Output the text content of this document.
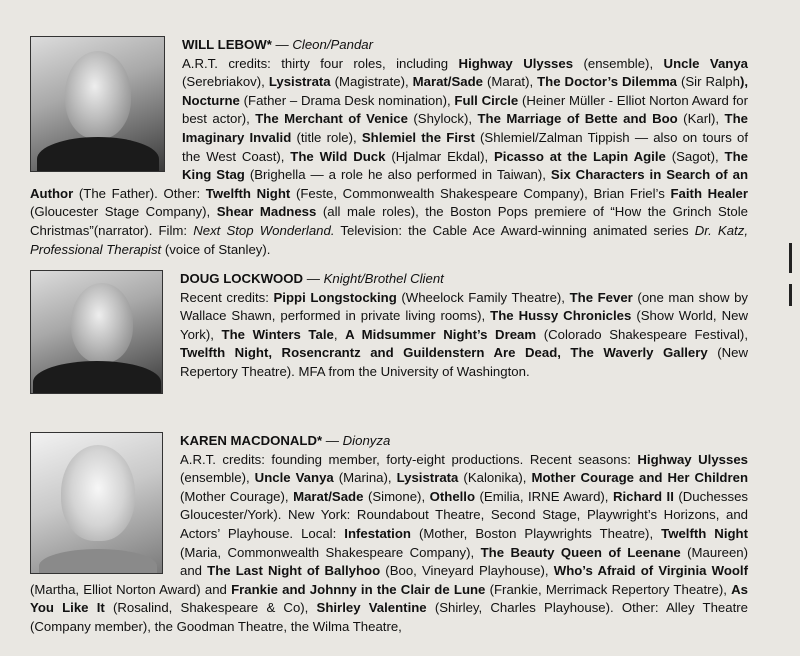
WILL LEBOW* — Cleon/Pandar
A.R.T. credits: thirty four roles, including Highway Ulysses (ensemble), Uncle Vanya (Serebriakov), Lysistrata (Magistrate), Marat/Sade (Marat), The Doctor’s Dilemma (Sir Ralph), Nocturne (Father – Drama Desk nomination), Full Circle (Heiner Müller - Elliot Norton Award for best actor), The Merchant of Venice (Shylock), The Marriage of Bette and Boo (Karl), The Imaginary Invalid (title role), Shlemiel the First (Shlemiel/Zalman Tippish — also on tours of the West Coast), The Wild Duck (Hjalmar Ekdal), Picasso at the Lapin Agile (Sagot), The King Stag (Brighella — a role he also performed in Taiwan), Six Characters in Search of an Author (The Father). Other: Twelfth Night (Feste, Commonwealth Shakespeare Company), Brian Friel’s Faith Healer (Gloucester Stage Company), Shear Madness (all male roles), the Boston Pops premiere of “How the Grinch Stole Christmas”(narrator). Film: Next Stop Wonderland. Television: the Cable Ace Award-winning animated series Dr. Katz, Professional Therapist (voice of Stanley).

DOUG LOCKWOOD — Knight/Brothel Client
Recent credits: Pippi Longstocking (Wheelock Family Theatre), The Fever (one man show by Wallace Shawn, performed in private living rooms), The Hussy Chronicles (Show World, New York), The Winters Tale, A Midsummer Night’s Dream (Colorado Shakespeare Festival), Twelfth Night, Rosencrantz and Guildenstern Are Dead, The Waverly Gallery (New Repertory Theatre). MFA from the University of Washington.

KAREN MACDONALD* — Dionyza
A.R.T. credits: founding member, forty-eight productions. Recent seasons: Highway Ulysses (ensemble), Uncle Vanya (Marina), Lysistrata (Kalonika), Mother Courage and Her Children (Mother Courage), Marat/Sade (Simone), Othello (Emilia, IRNE Award), Richard II (Duchesses Gloucester/York). New York: Roundabout Theatre, Second Stage, Playwright’s Horizons, and Actors’ Playhouse. Local: Infestation (Mother, Boston Playwrights Theatre), Twelfth Night (Maria, Commonwealth Shakespeare Company), The Beauty Queen of Leenane (Maureen) and The Last Night of Ballyhoo (Boo, Vineyard Playhouse), Who’s Afraid of Virginia Woolf (Martha, Elliot Norton Award) and Frankie and Johnny in the Clair de Lune (Frankie, Merrimack Repertory Theatre), As You Like It (Rosalind, Shakespeare & Co), Shirley Valentine (Shirley, Charles Playhouse). Other: Alley Theatre (Company member), the Goodman Theatre, the Wilma Theatre,
